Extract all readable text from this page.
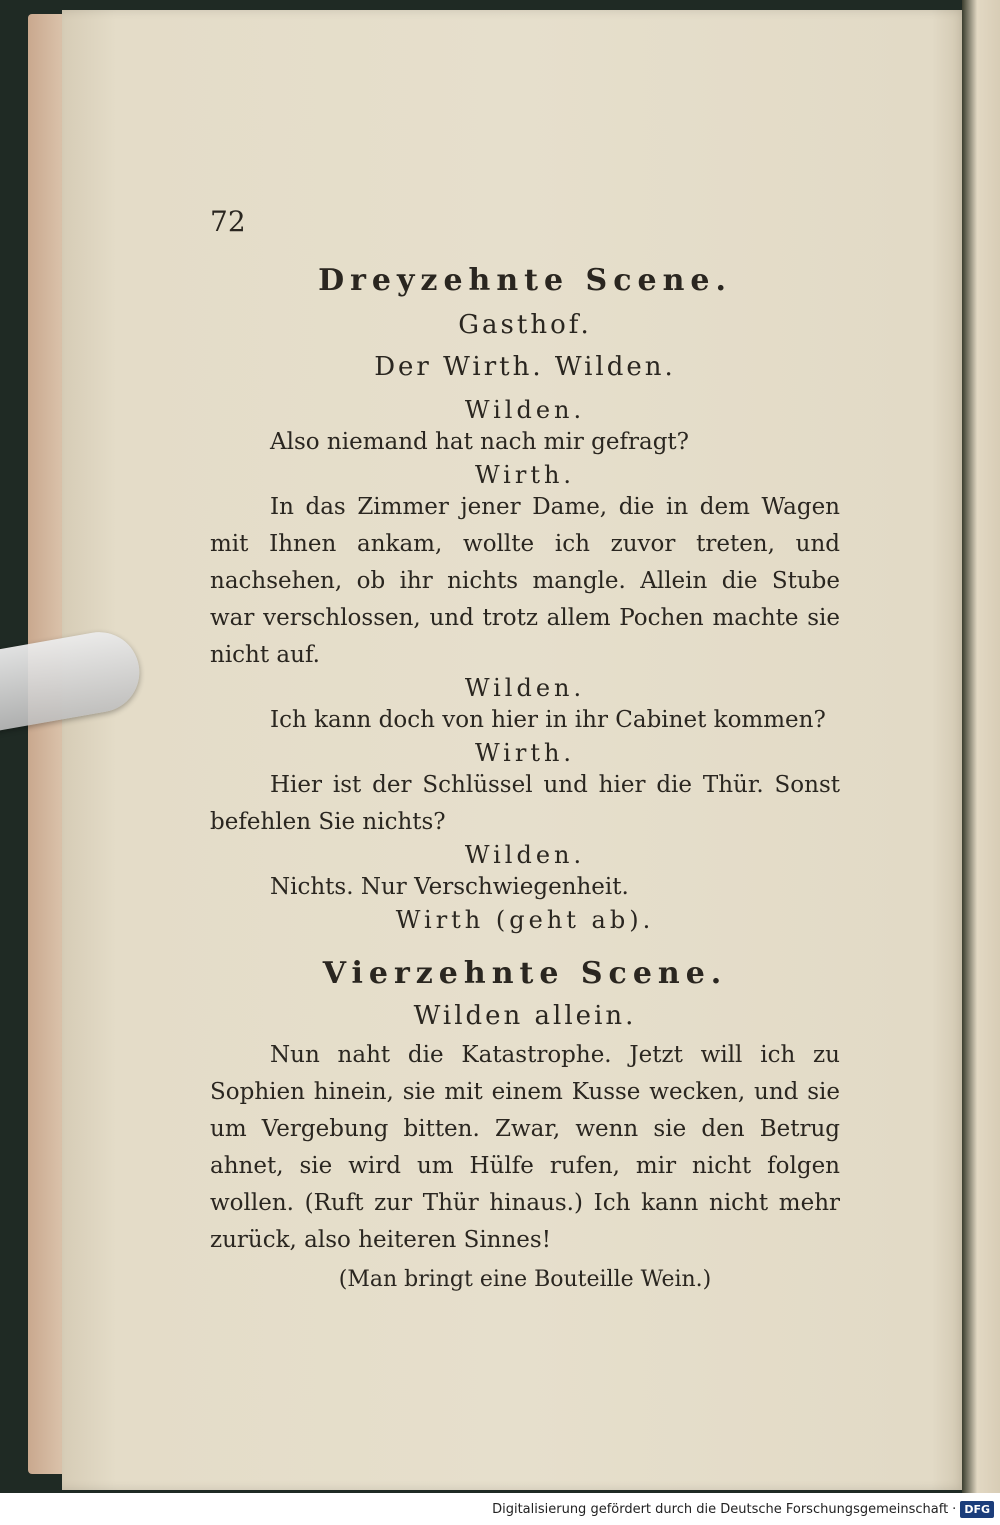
72
Dreyzehnte Scene.
Gasthof.
Der Wirth. Wilden.
Wilden.

Also niemand hat nach mir gefragt?

Wirth.

In das Zimmer jener Dame, die in dem Wagen mit Ihnen ankam, wollte ich zuvor treten, und nachsehen, ob ihr nichts mangle. Allein die Stube war verschlossen, und trotz allem Pochen machte sie nicht auf.

Wilden.

Ich kann doch von hier in ihr Cabinet kommen?

Wirth.

Hier ist der Schlüssel und hier die Thür. Sonst befehlen Sie nichts?

Wilden.

Nichts. Nur Verschwiegenheit.

Wirth (geht ab).
Vierzehnte Scene.
Wilden allein.

Nun naht die Katastrophe. Jetzt will ich zu Sophien hinein, sie mit einem Kusse wecken, und sie um Vergebung bitten. Zwar, wenn sie den Betrug ahnet, sie wird um Hülfe rufen, mir nicht folgen wollen. (Ruft zur Thür hinaus.) Ich kann nicht mehr zurück, also heiteren Sinnes!

(Man bringt eine Bouteille Wein.)
Digitalisierung gefördert durch die Deutsche Forschungsgemeinschaft · DFG
